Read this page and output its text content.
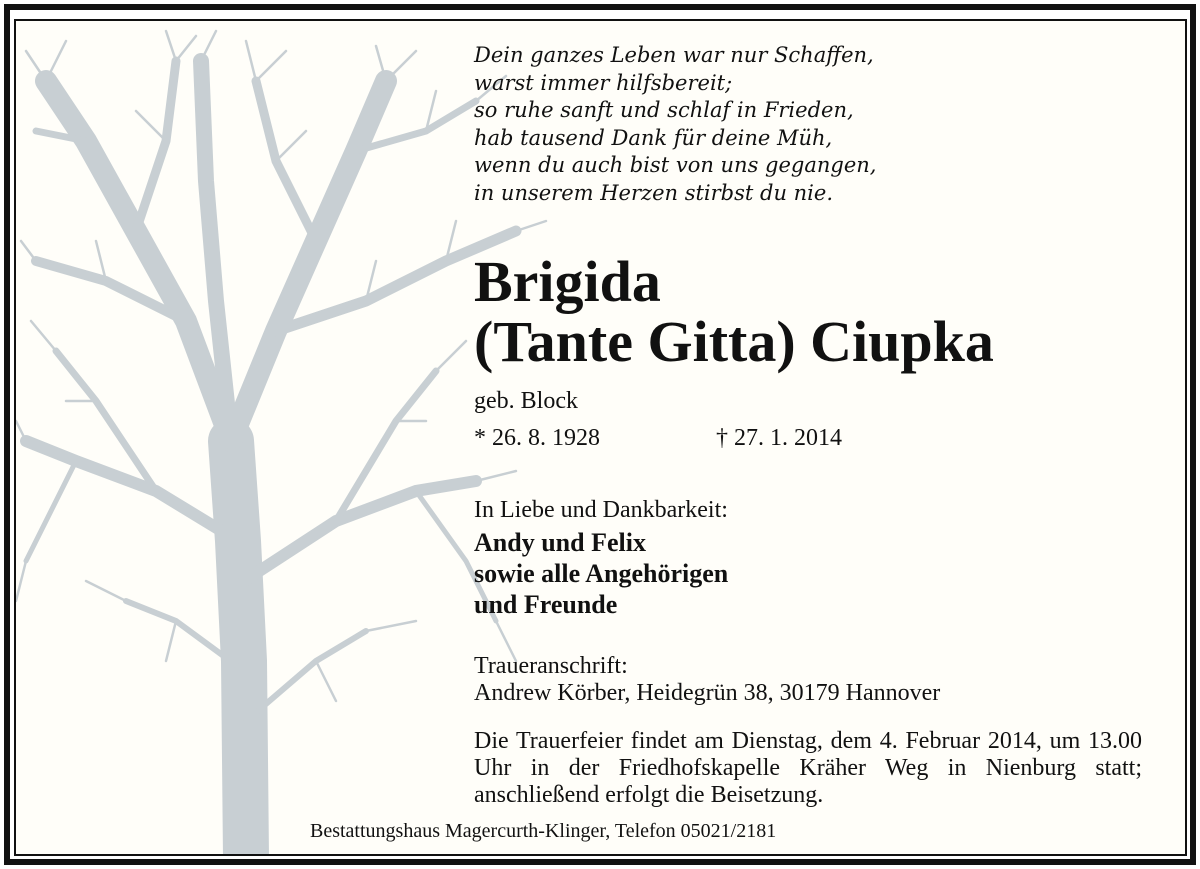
Dein ganzes Leben war nur Schaffen,
warst immer hilfsbereit;
so ruhe sanft und schlaf in Frieden,
hab tausend Dank für deine Müh,
wenn du auch bist von uns gegangen,
in unserem Herzen stirbst du nie.
Brigida
(Tante Gitta) Ciupka
geb. Block
* 26. 8. 1928	† 27. 1. 2014
In Liebe und Dankbarkeit:
Andy und Felix
sowie alle Angehörigen
und Freunde
Traueranschrift:
Andrew Körber, Heidegrün 38, 30179 Hannover
Die Trauerfeier findet am Dienstag, dem 4. Februar 2014, um 13.00 Uhr in der Friedhofskapelle Kräher Weg in Nienburg statt; anschließend erfolgt die Beisetzung.
Bestattungshaus Magercurth-Klinger, Telefon 05021/2181
